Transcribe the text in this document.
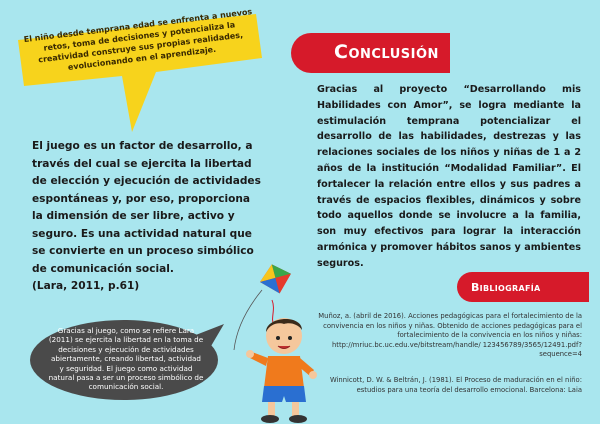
El niño desde temprana edad se enfrenta a nuevos retos, toma de decisiones y potencializa la creatividad construye sus propias realidades, evolucionando en el aprendizaje.
El juego es un factor de desarrollo, a través del cual se ejercita la libertad de elección y ejecución de actividades espontáneas y, por eso, proporciona la dimensión de ser libre, activo y seguro. Es una actividad natural que se convierte en un proceso simbólico de comunicación social.
(Lara, 2011, p.61)
Gracias al juego, como se refiere Lara (2011) se ejercita la libertad en la toma de decisiones y ejecución de actividades abiertamente, creando libertad, actividad y seguridad. El juego como actividad natural pasa a ser un proceso simbólico de comunicación social.
Conclusión
Gracias al proyecto “Desarrollando mis Habilidades con Amor”, se logra mediante la estimulación temprana potencializar el desarrollo de las habilidades, destrezas y las relaciones sociales de los niños y niñas de 1 a 2 años de la institución “Modalidad Familiar”. El fortalecer la relación entre ellos y sus padres a través de espacios flexibles, dinámicos y sobre todo aquellos donde se involucre a la familia, son muy efectivos para lograr la interacción armónica y promover hábitos sanos y ambientes seguros.
Bibliografía
Muñoz, a. (abril de 2016). Acciones pedagógicas para el fortalecimiento de la convivencia en los niños y niñas. Obtenido de acciones pedagógicas para el fortalecimiento de la convivencia en los niños y niñas: http://mriuc.bc.uc.edu.ve/bitstream/handle/ 123456789/3565/12491.pdf?sequence=4
Winnicott, D. W. & Beltrán, J. (1981). El Proceso de maduración en el niño: estudios para una teoría del desarrollo emocional. Barcelona: Laia
